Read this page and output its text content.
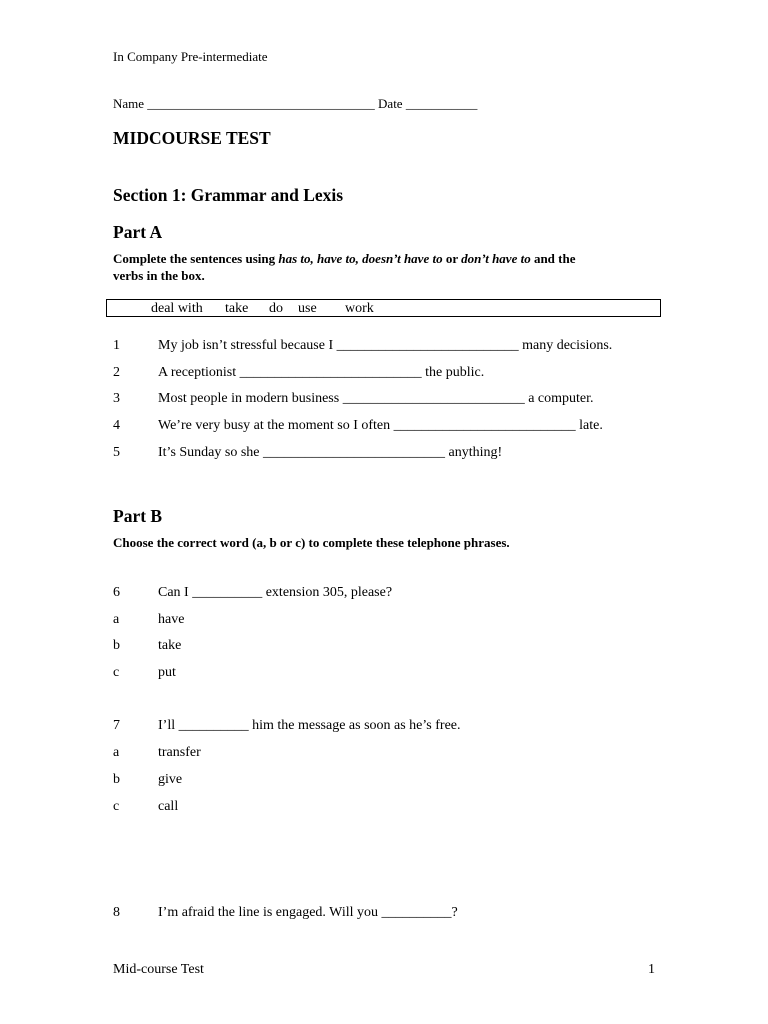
In Company Pre-intermediate
Name ___________________________________ Date ___________
MIDCOURSE TEST
Section 1: Grammar and Lexis
Part A
Complete the sentences using has to, have to, doesn’t have to or don’t have to and the
verbs in the box.
deal with take do use work
1	My job isn’t stressful because I __________________________ many decisions.
2	A receptionist __________________________ the public.
3	Most people in modern business __________________________ a computer.
4	We’re very busy at the moment so I often __________________________ late.
5	It’s Sunday so she __________________________ anything!
Part B
Choose the correct word (a, b or c) to complete these telephone phrases.
6	Can I __________ extension 305, please?
a	have
b	take
c	put
7	I’ll __________ him the message as soon as he’s free.
a	transfer
b	give
c	call
8	I’m afraid the line is engaged. Will you __________?
Mid-course Test	1
